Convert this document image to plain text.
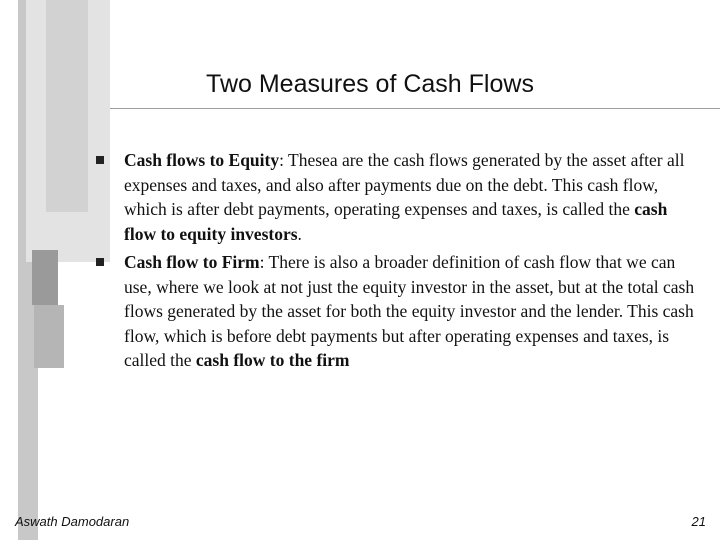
Two Measures of Cash Flows
Cash flows to Equity: Thesea are the cash flows generated by the asset after all expenses and taxes, and also after payments due on the debt. This cash flow, which is after debt payments, operating expenses and taxes, is called the cash flow to equity investors.
Cash flow to Firm: There is also a broader definition of cash flow that we can use, where we look at not just the equity investor in the asset, but at the total cash flows generated by the asset for both the equity investor and the lender. This cash flow, which is before debt payments but after operating expenses and taxes, is called the cash flow to the firm
Aswath Damodaran	21
